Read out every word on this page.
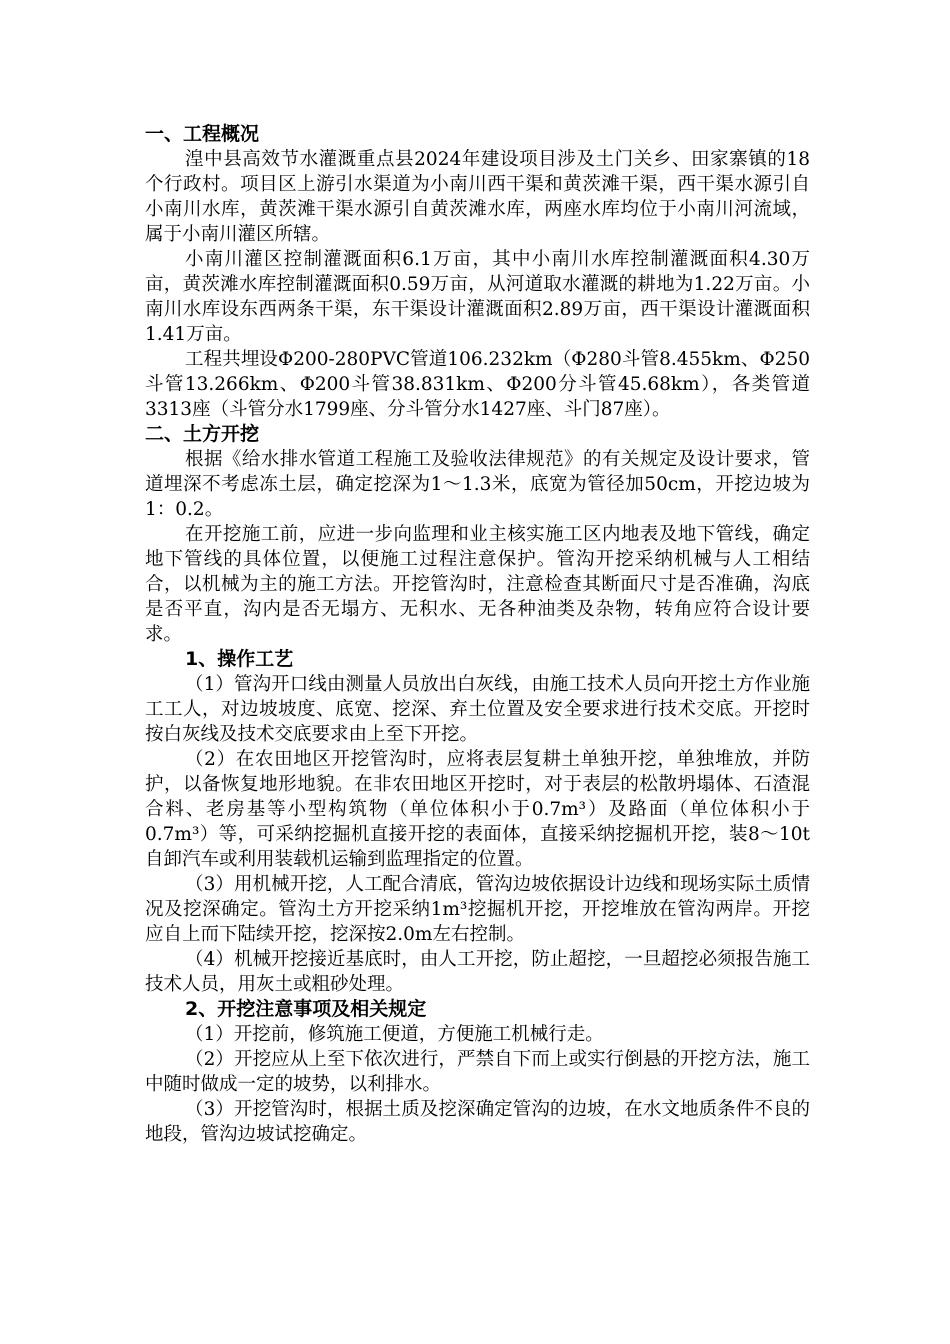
一、工程概况

湟中县高效节水灌溉重点县2024年建设项目涉及土门关乡、田家寨镇的18个行政村。项目区上游引水渠道为小南川西干渠和黄茨滩干渠，西干渠水源引自小南川水库，黄茨滩干渠水源引自黄茨滩水库，两座水库均位于小南川河流域，属于小南川灌区所辖。

小南川灌区控制灌溉面积6.1万亩，其中小南川水库控制灌溉面积4.30万亩，黄茨滩水库控制灌溉面积0.59万亩，从河道取水灌溉的耕地为1.22万亩。小南川水库设东西两条干渠，东干渠设计灌溉面积2.89万亩，西干渠设计灌溉面积1.41万亩。

工程共埋设Φ200-280PVC管道106.232km（Φ280斗管8.455km、Φ250斗管13.266km、Φ200斗管38.831km、Φ200分斗管45.68km），各类管道3313座（斗管分水1799座、分斗管分水1427座、斗门87座）。

二、土方开挖

根据《给水排水管道工程施工及验收法律规范》的有关规定及设计要求，管道埋深不考虑冻土层，确定挖深为1～1.3米，底宽为管径加50cm，开挖边坡为1：0.2。

在开挖施工前，应进一步向监理和业主核实施工区内地表及地下管线，确定地下管线的具体位置，以便施工过程注意保护。管沟开挖采纳机械与人工相结合，以机械为主的施工方法。开挖管沟时，注意检查其断面尺寸是否准确，沟底是否平直，沟内是否无塌方、无积水、无各种油类及杂物，转角应符合设计要求。

1、操作工艺

（1）管沟开口线由测量人员放出白灰线，由施工技术人员向开挖土方作业施工工人，对边坡坡度、底宽、挖深、弃土位置及安全要求进行技术交底。开挖时按白灰线及技术交底要求由上至下开挖。

（2）在农田地区开挖管沟时，应将表层复耕土单独开挖，单独堆放，并防护，以备恢复地形地貌。在非农田地区开挖时，对于表层的松散坍塌体、石渣混合料、老房基等小型构筑物（单位体积小于0.7m³）及路面（单位体积小于0.7m³）等，可采纳挖掘机直接开挖的表面体，直接采纳挖掘机开挖，装8～10t自卸汽车或利用装载机运输到监理指定的位置。

（3）用机械开挖，人工配合清底，管沟边坡依据设计边线和现场实际土质情况及挖深确定。管沟土方开挖采纳1m³挖掘机开挖，开挖堆放在管沟两岸。开挖应自上而下陆续开挖，挖深按2.0m左右控制。

（4）机械开挖接近基底时，由人工开挖，防止超挖，一旦超挖必须报告施工技术人员，用灰土或粗砂处理。

2、开挖注意事项及相关规定

（1）开挖前，修筑施工便道，方便施工机械行走。

（2）开挖应从上至下依次进行，严禁自下而上或实行倒悬的开挖方法，施工中随时做成一定的坡势，以利排水。

（3）开挖管沟时，根据土质及挖深确定管沟的边坡，在水文地质条件不良的地段，管沟边坡试挖确定。
